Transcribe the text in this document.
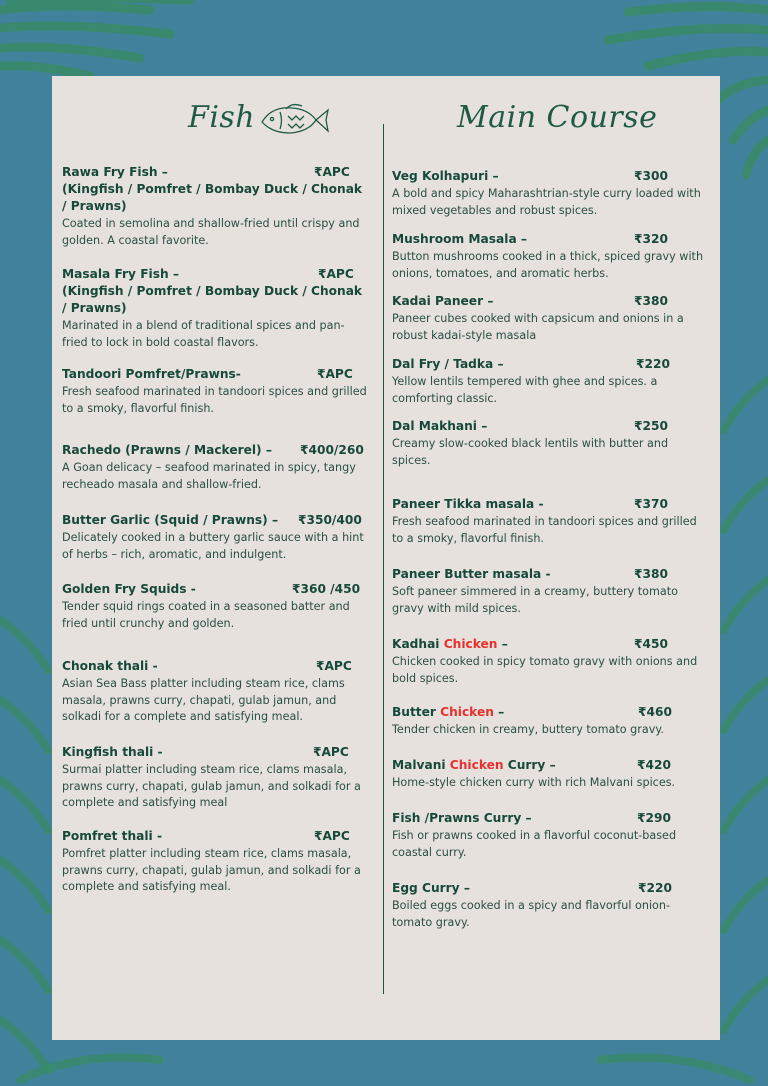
Fish
Rawa Fry Fish –	₹APC
(Kingfish / Pomfret / Bombay Duck / Chonak / Prawns)
Coated in semolina and shallow-fried until crispy and golden. A coastal favorite.
Masala Fry Fish –	₹APC
(Kingfish / Pomfret / Bombay Duck / Chonak / Prawns)
Marinated in a blend of traditional spices and pan-fried to lock in bold coastal flavors.
Tandoori Pomfret/Prawns-	₹APC
Fresh seafood marinated in tandoori spices and grilled to a smoky, flavorful finish.
Rachedo (Prawns / Mackerel) –	₹400/260
A Goan delicacy – seafood marinated in spicy, tangy recheado masala and shallow-fried.
Butter Garlic (Squid / Prawns) –	₹350/400
Delicately cooked in a buttery garlic sauce with a hint of herbs – rich, aromatic, and indulgent.
Golden Fry Squids -	₹360 /450
Tender squid rings coated in a seasoned batter and fried until crunchy and golden.
Chonak thali -	₹APC
Asian Sea Bass platter including steam rice, clams masala, prawns curry, chapati, gulab jamun, and solkadi for a complete and satisfying meal.
Kingfish thali -	₹APC
Surmai platter including steam rice, clams masala, prawns curry, chapati, gulab jamun, and solkadi for a complete and satisfying meal
Pomfret thali -	₹APC
Pomfret platter including steam rice, clams masala, prawns curry, chapati, gulab jamun, and solkadi for a complete and satisfying meal.
Main Course
Veg Kolhapuri –	₹300
A bold and spicy Maharashtrian-style curry loaded with mixed vegetables and robust spices.
Mushroom Masala –	₹320
Button mushrooms cooked in a thick, spiced gravy with onions, tomatoes, and aromatic herbs.
Kadai Paneer –	₹380
Paneer cubes cooked with capsicum and onions in a robust kadai-style masala
Dal Fry / Tadka –	₹220
Yellow lentils tempered with ghee and spices. a comforting classic.
Dal Makhani –	₹250
Creamy slow-cooked black lentils with butter and spices.
Paneer Tikka masala -	₹370
Fresh seafood marinated in tandoori spices and grilled to a smoky, flavorful finish.
Paneer Butter masala -	₹380
Soft paneer simmered in a creamy, buttery tomato gravy with mild spices.
Kadhai Chicken –	₹450
Chicken cooked in spicy tomato gravy with onions and bold spices.
Butter Chicken –	₹460
Tender chicken in creamy, buttery tomato gravy.
Malvani Chicken Curry –	₹420
Home-style chicken curry with rich Malvani spices.
Fish /Prawns Curry –	₹290
Fish or prawns cooked in a flavorful coconut-based coastal curry.
Egg Curry –	₹220
Boiled eggs cooked in a spicy and flavorful onion-tomato gravy.
